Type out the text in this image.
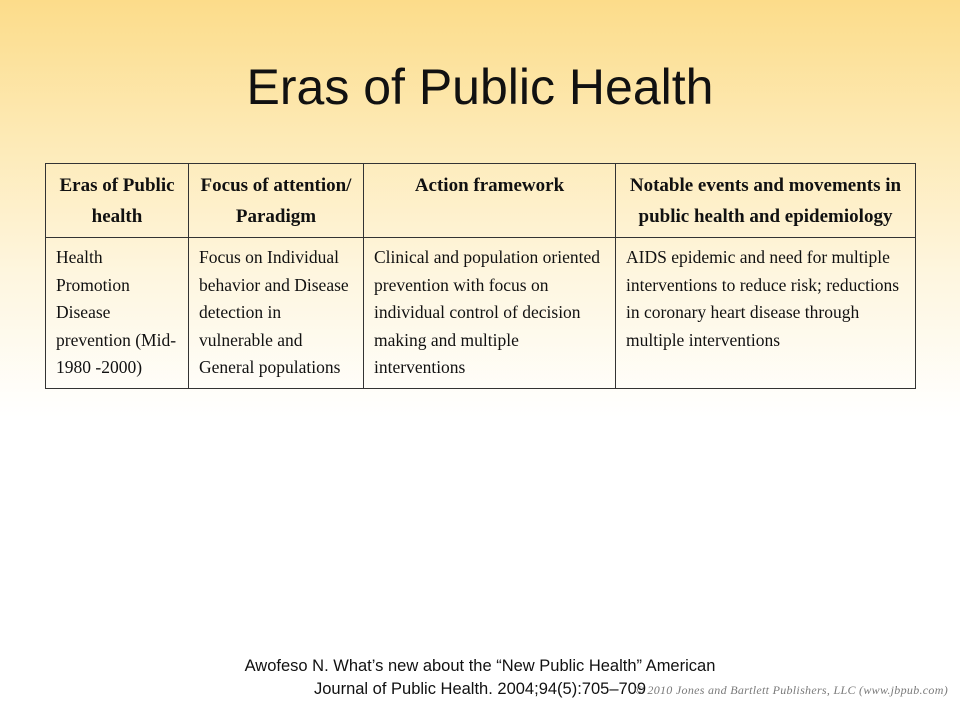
Eras of Public Health
Eras of Public health	Focus of attention/ Paradigm	Action framework	Notable events and movements in public health and epidemiology
Health Promotion Disease prevention (Mid-1980 -2000)	Focus on Individual behavior and Disease detection in vulnerable and General populations	Clinical and population oriented prevention with focus on individual control of decision making and multiple interventions	AIDS epidemic and need for multiple interventions to reduce risk; reductions in coronary heart disease through multiple interventions

Awofeso N. What’s new about the “New Public Health” American
Journal of Public Health. 2004;94(5):705–709

© 2010 Jones and Bartlett Publishers, LLC (www.jbpub.com)
